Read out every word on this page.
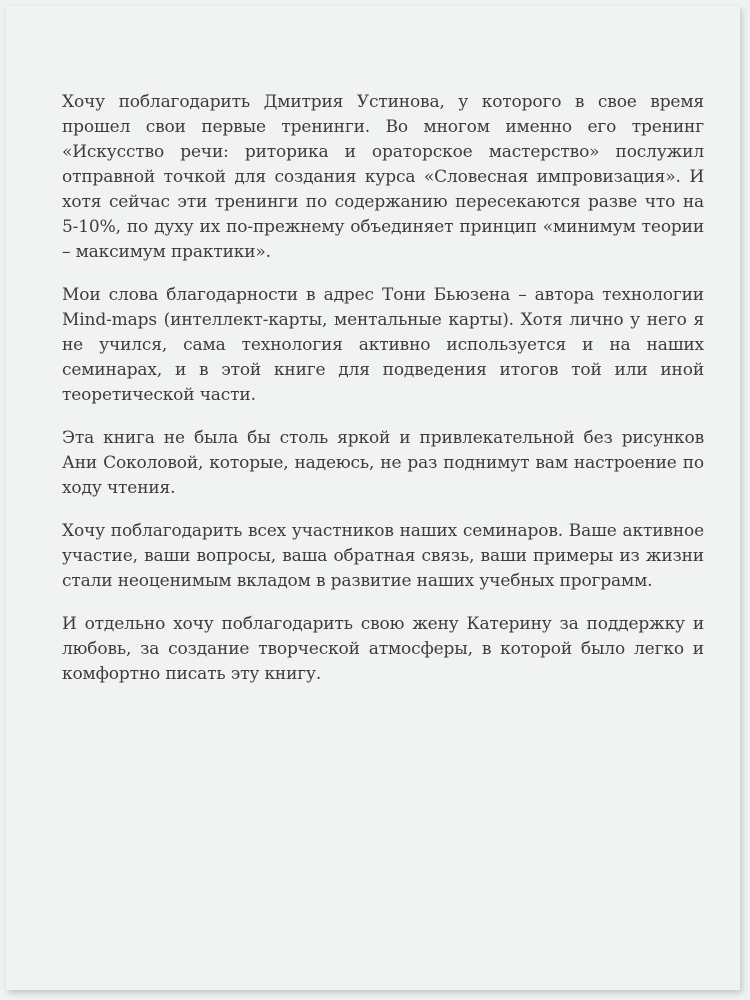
Хочу поблагодарить Дмитрия Устинова, у которого в свое время прошел свои первые тренинги. Во многом именно его тренинг «Искусство речи: риторика и ораторское мастерство» послужил отправной точкой для создания курса «Словесная импровизация». И хотя сейчас эти тренинги по содержанию пересекаются разве что на 5-10%, по духу их по-прежнему объединяет принцип «минимум теории – максимум практики».

Мои слова благодарности в адрес Тони Бьюзена – автора технологии Mind-maps (интеллект-карты, ментальные карты). Хотя лично у него я не учился, сама технология активно используется и на наших семинарах, и в этой книге для подведения итогов той или иной теоретической части.

Эта книга не была бы столь яркой и привлекательной без рисунков Ани Соколовой, которые, надеюсь, не раз поднимут вам настроение по ходу чтения.

Хочу поблагодарить всех участников наших семинаров. Ваше активное участие, ваши вопросы, ваша обратная связь, ваши примеры из жизни стали неоценимым вкладом в развитие наших учебных программ.

И отдельно хочу поблагодарить свою жену Катерину за поддержку и любовь, за создание творческой атмосферы, в которой было легко и комфортно писать эту книгу.
